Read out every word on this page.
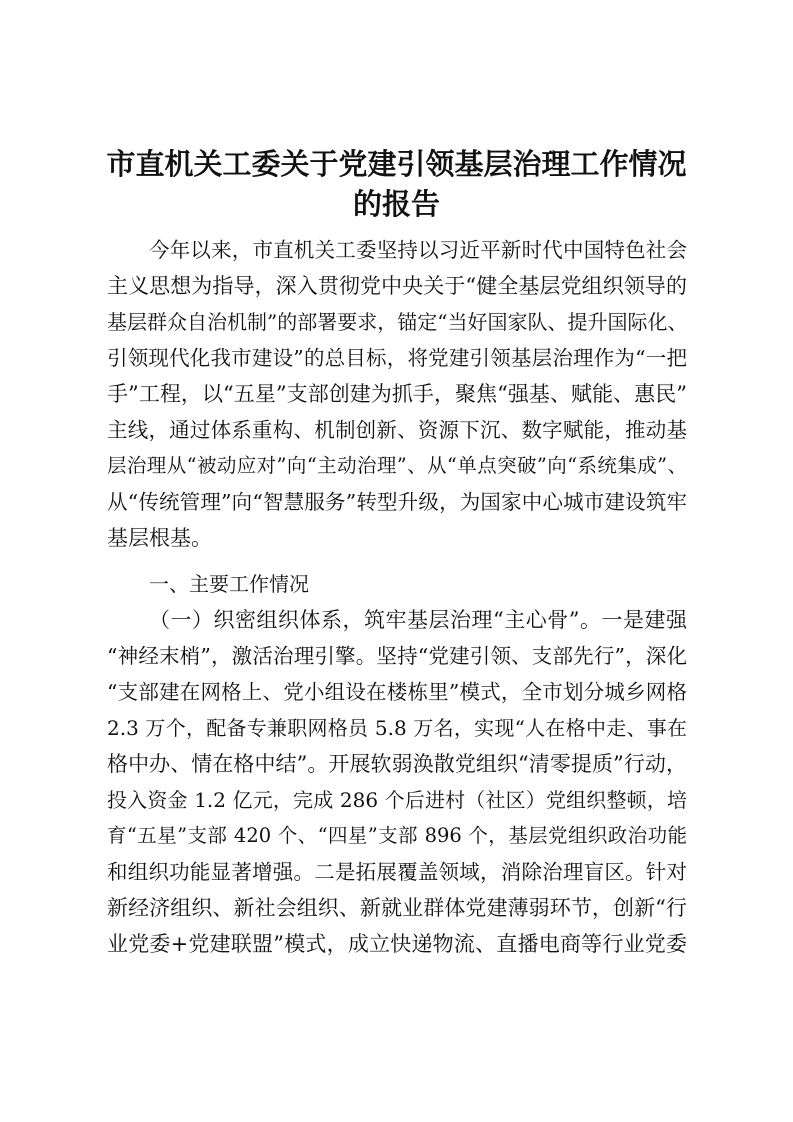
市直机关工委关于党建引领基层治理工作情况
的报告

今年以来，市直机关工委坚持以习近平新时代中国特色社会

主义思想为指导，深入贯彻党中央关于“健全基层党组织领导的

基层群众自治机制”的部署要求，锚定“当好国家队、提升国际化、

引领现代化我市建设”的总目标，将党建引领基层治理作为“一把

手”工程，以“五星”支部创建为抓手，聚焦“强基、赋能、惠民”

主线，通过体系重构、机制创新、资源下沉、数字赋能，推动基

层治理从“被动应对”向“主动治理”、从“单点突破”向“系统集成”、

从“传统管理”向“智慧服务”转型升级，为国家中心城市建设筑牢

基层根基。

一、主要工作情况

（一）织密组织体系，筑牢基层治理“主心骨”。一是建强

“神经末梢”，激活治理引擎。坚持“党建引领、支部先行”，深化

“支部建在网格上、党小组设在楼栋里”模式，全市划分城乡网格

2.3 万个，配备专兼职网格员 5.8 万名，实现“人在格中走、事在

格中办、情在格中结”。开展软弱涣散党组织“清零提质”行动，

投入资金 1.2 亿元，完成 286 个后进村（社区）党组织整顿，培

育“五星”支部 420 个、“四星”支部 896 个，基层党组织政治功能

和组织功能显著增强。二是拓展覆盖领域，消除治理盲区。针对

新经济组织、新社会组织、新就业群体党建薄弱环节，创新“行

业党委+党建联盟”模式，成立快递物流、直播电商等行业党委
